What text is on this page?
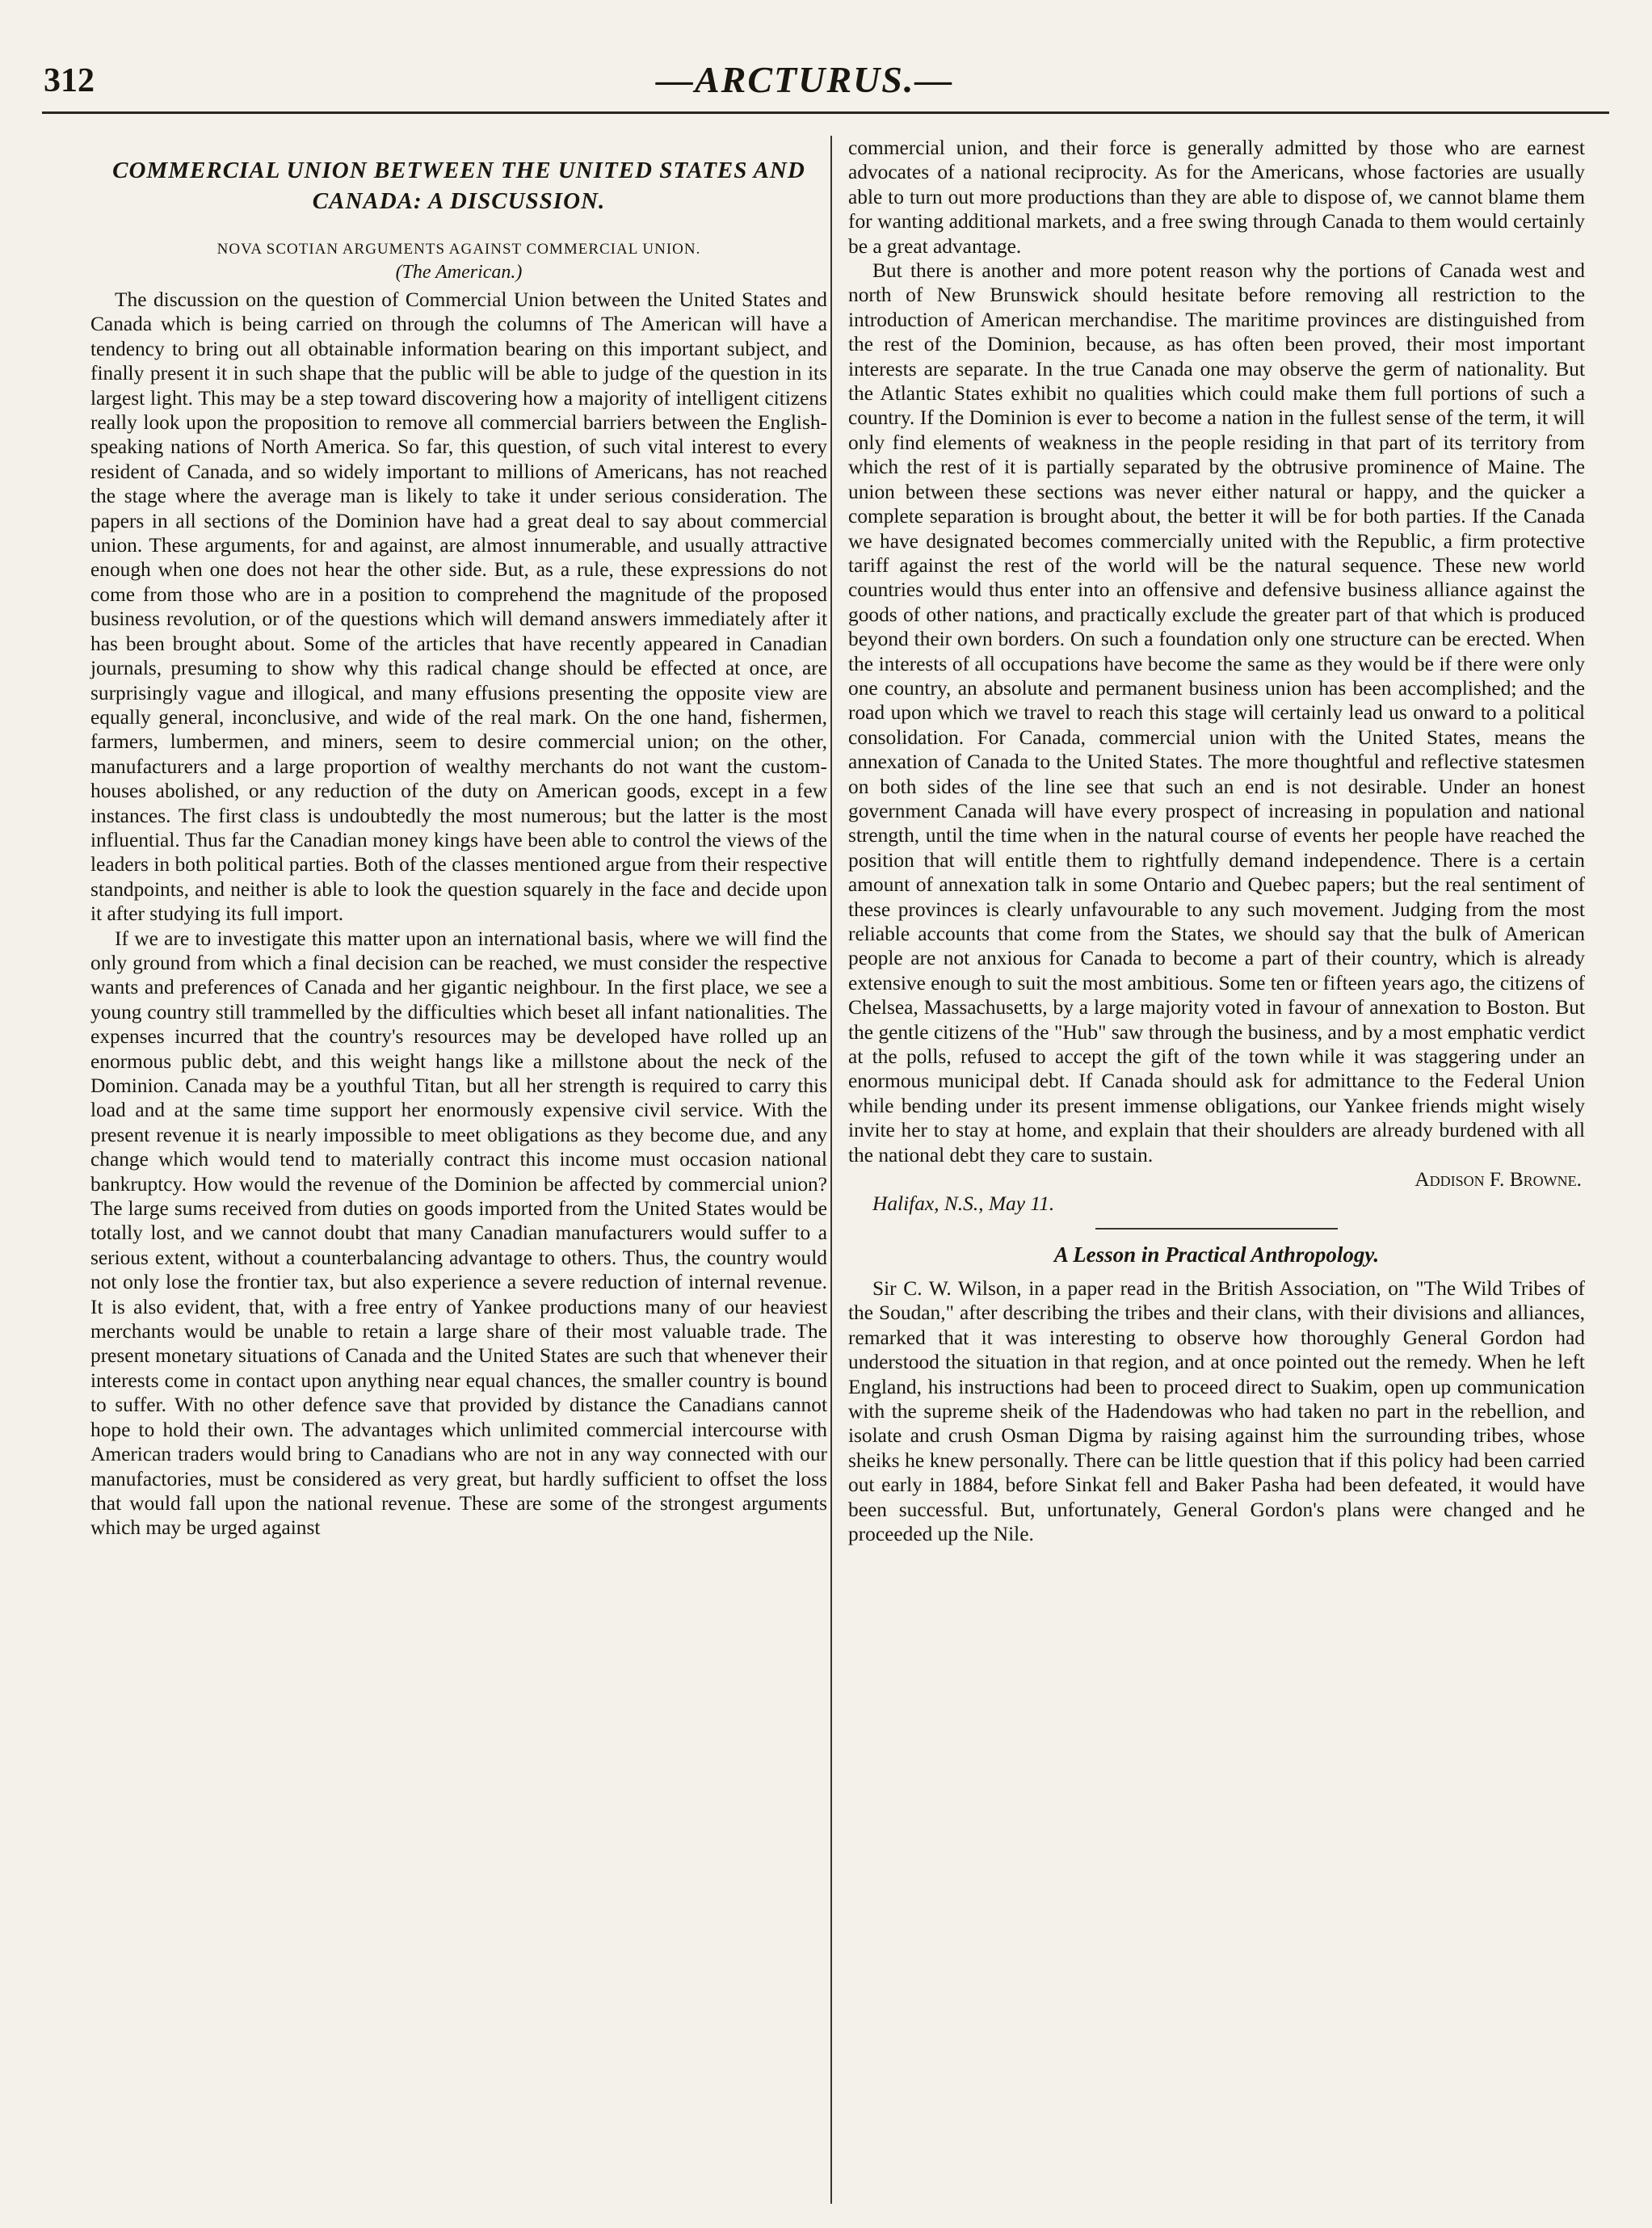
312	—ARCTURUS.—
COMMERCIAL UNION BETWEEN THE UNITED STATES AND CANADA: A DISCUSSION.
NOVA SCOTIAN ARGUMENTS AGAINST COMMERCIAL UNION.
(The American.)

The discussion on the question of Commercial Union between the United States and Canada which is being carried on through the columns of The American will have a tendency to bring out all obtainable information bearing on this important subject, and finally present it in such shape that the public will be able to judge of the question in its largest light. This may be a step toward discovering how a majority of intelligent citizens really look upon the proposition to remove all commercial barriers between the English-speaking nations of North America. So far, this question, of such vital interest to every resident of Canada, and so widely important to millions of Americans, has not reached the stage where the average man is likely to take it under serious consideration. The papers in all sections of the Dominion have had a great deal to say about commercial union. These arguments, for and against, are almost innumerable, and usually attractive enough when one does not hear the other side. But, as a rule, these expressions do not come from those who are in a position to comprehend the magnitude of the proposed business revolution, or of the questions which will demand answers immediately after it has been brought about. Some of the articles that have recently appeared in Canadian journals, presuming to show why this radical change should be effected at once, are surprisingly vague and illogical, and many effusions presenting the opposite view are equally general, inconclusive, and wide of the real mark. On the one hand, fishermen, farmers, lumbermen, and miners, seem to desire commercial union; on the other, manufacturers and a large proportion of wealthy merchants do not want the custom-houses abolished, or any reduction of the duty on American goods, except in a few instances. The first class is undoubtedly the most numerous; but the latter is the most influential. Thus far the Canadian money kings have been able to control the views of the leaders in both political parties. Both of the classes mentioned argue from their respective standpoints, and neither is able to look the question squarely in the face and decide upon it after studying its full import.

If we are to investigate this matter upon an international basis, where we will find the only ground from which a final decision can be reached, we must consider the respective wants and preferences of Canada and her gigantic neighbour. In the first place, we see a young country still trammelled by the difficulties which beset all infant nationalities. The expenses incurred that the country's resources may be developed have rolled up an enormous public debt, and this weight hangs like a millstone about the neck of the Dominion. Canada may be a youthful Titan, but all her strength is required to carry this load and at the same time support her enormously expensive civil service. With the present revenue it is nearly impossible to meet obligations as they become due, and any change which would tend to materially contract this income must occasion national bankruptcy. How would the revenue of the Dominion be affected by commercial union? The large sums received from duties on goods imported from the United States would be totally lost, and we cannot doubt that many Canadian manufacturers would suffer to a serious extent, without a counterbalancing advantage to others. Thus, the country would not only lose the frontier tax, but also experience a severe reduction of internal revenue. It is also evident, that, with a free entry of Yankee productions many of our heaviest merchants would be unable to retain a large share of their most valuable trade. The present monetary situations of Canada and the United States are such that whenever their interests come in contact upon anything near equal chances, the smaller country is bound to suffer. With no other defence save that provided by distance the Canadians cannot hope to hold their own. The advantages which unlimited commercial intercourse with American traders would bring to Canadians who are not in any way connected with our manufactories, must be considered as very great, but hardly sufficient to offset the loss that would fall upon the national revenue. These are some of the strongest arguments which may be urged against

commercial union, and their force is generally admitted by those who are earnest advocates of a national reciprocity. As for the Americans, whose factories are usually able to turn out more productions than they are able to dispose of, we cannot blame them for wanting additional markets, and a free swing through Canada to them would certainly be a great advantage.

But there is another and more potent reason why the portions of Canada west and north of New Brunswick should hesitate before removing all restriction to the introduction of American merchandise. The maritime provinces are distinguished from the rest of the Dominion, because, as has often been proved, their most important interests are separate. In the true Canada one may observe the germ of nationality. But the Atlantic States exhibit no qualities which could make them full portions of such a country. If the Dominion is ever to become a nation in the fullest sense of the term, it will only find elements of weakness in the people residing in that part of its territory from which the rest of it is partially separated by the obtrusive prominence of Maine. The union between these sections was never either natural or happy, and the quicker a complete separation is brought about, the better it will be for both parties. If the Canada we have designated becomes commercially united with the Republic, a firm protective tariff against the rest of the world will be the natural sequence. These new world countries would thus enter into an offensive and defensive business alliance against the goods of other nations, and practically exclude the greater part of that which is produced beyond their own borders. On such a foundation only one structure can be erected. When the interests of all occupations have become the same as they would be if there were only one country, an absolute and permanent business union has been accomplished; and the road upon which we travel to reach this stage will certainly lead us onward to a political consolidation. For Canada, commercial union with the United States, means the annexation of Canada to the United States. The more thoughtful and reflective statesmen on both sides of the line see that such an end is not desirable. Under an honest government Canada will have every prospect of increasing in population and national strength, until the time when in the natural course of events her people have reached the position that will entitle them to rightfully demand independence. There is a certain amount of annexation talk in some Ontario and Quebec papers; but the real sentiment of these provinces is clearly unfavourable to any such movement. Judging from the most reliable accounts that come from the States, we should say that the bulk of American people are not anxious for Canada to become a part of their country, which is already extensive enough to suit the most ambitious. Some ten or fifteen years ago, the citizens of Chelsea, Massachusetts, by a large majority voted in favour of annexation to Boston. But the gentle citizens of the "Hub" saw through the business, and by a most emphatic verdict at the polls, refused to accept the gift of the town while it was staggering under an enormous municipal debt. If Canada should ask for admittance to the Federal Union while bending under its present immense obligations, our Yankee friends might wisely invite her to stay at home, and explain that their shoulders are already burdened with all the national debt they care to sustain.

Addison F. Browne.

Halifax, N.S., May 11.

A Lesson in Practical Anthropology.

Sir C. W. Wilson, in a paper read in the British Association, on "The Wild Tribes of the Soudan," after describing the tribes and their clans, with their divisions and alliances, remarked that it was interesting to observe how thoroughly General Gordon had understood the situation in that region, and at once pointed out the remedy. When he left England, his instructions had been to proceed direct to Suakim, open up communication with the supreme sheik of the Hadendowas who had taken no part in the rebellion, and isolate and crush Osman Digma by raising against him the surrounding tribes, whose sheiks he knew personally. There can be little question that if this policy had been carried out early in 1884, before Sinkat fell and Baker Pasha had been defeated, it would have been successful. But, unfortunately, General Gordon's plans were changed and he proceeded up the Nile.
